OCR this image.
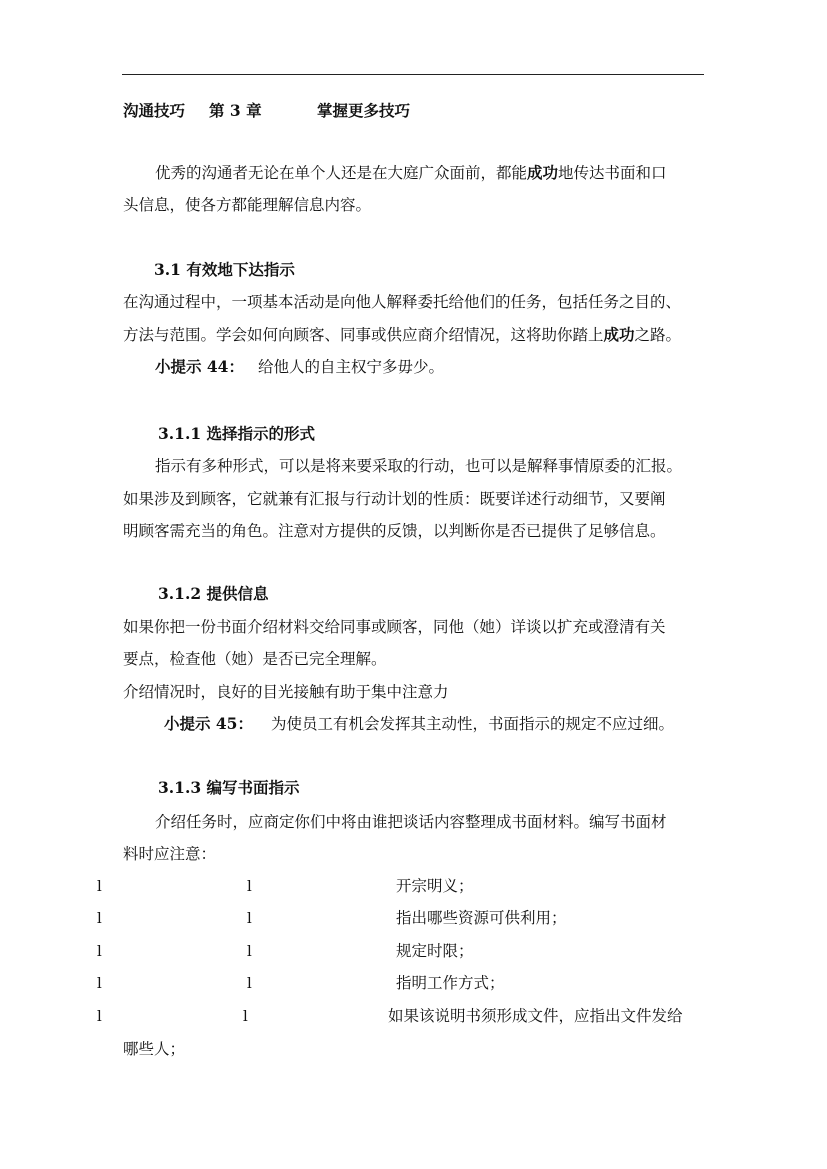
沟通技巧 第 3 章	掌握更多技巧
优秀的沟通者无论在单个人还是在大庭广众面前，都能成功地传达书面和口
头信息，使各方都能理解信息内容。
3.1 有效地下达指示
在沟通过程中，一项基本活动是向他人解释委托给他们的任务，包括任务之目的、
方法与范围。学会如何向顾客、同事或供应商介绍情况，这将助你踏上成功之路。
小提示 44： 给他人的自主权宁多毋少。
3.1.1 选择指示的形式
指示有多种形式，可以是将来要采取的行动，也可以是解释事情原委的汇报。
如果涉及到顾客，它就兼有汇报与行动计划的性质：既要详述行动细节，又要阐
明顾客需充当的角色。注意对方提供的反馈，以判断你是否已提供了足够信息。
3.1.2 提供信息
如果你把一份书面介绍材料交给同事或顾客，同他（她）详谈以扩充或澄清有关
要点，检查他（她）是否已完全理解。
介绍情况时，良好的目光接触有助于集中注意力
小提示 45： 为使员工有机会发挥其主动性，书面指示的规定不应过细。
3.1.3 编写书面指示
介绍任务时，应商定你们中将由谁把谈话内容整理成书面材料。编写书面材
料时应注意：
l	l	开宗明义；
l	l	指出哪些资源可供利用；
l	l	规定时限；
l	l	指明工作方式；
l	l	如果该说明书须形成文件，应指出文件发给
哪些人；
